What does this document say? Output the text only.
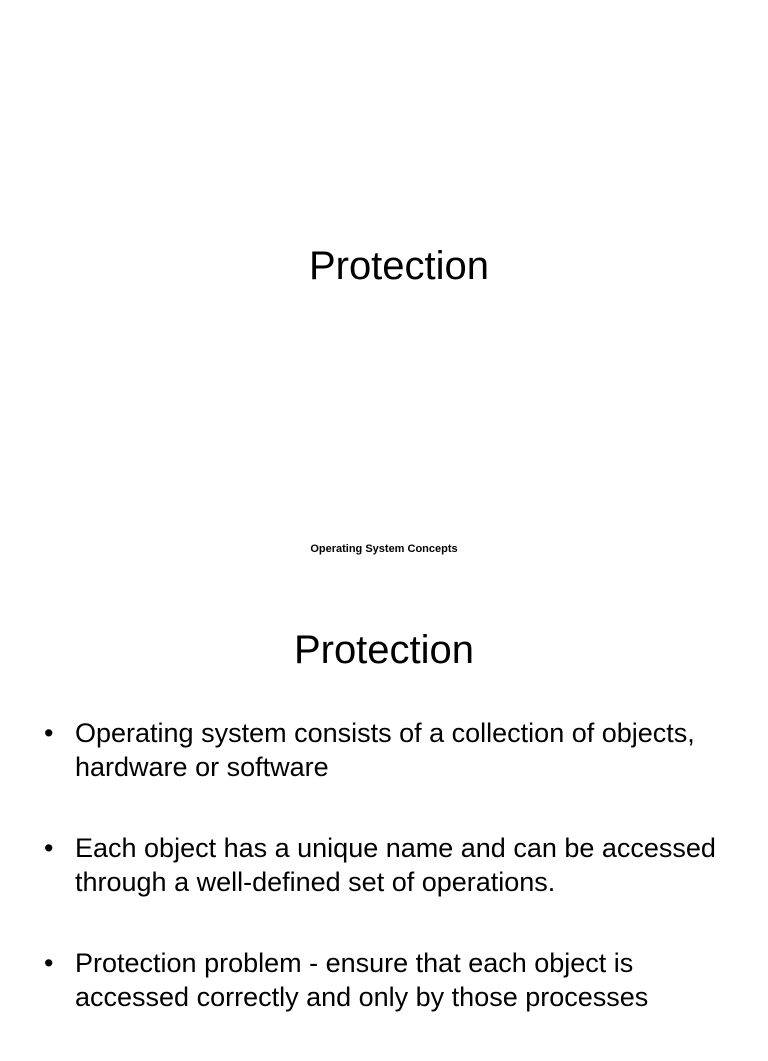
Protection
Operating System Concepts
Protection
• Operating system consists of a collection of objects, hardware or software
• Each object has a unique name and can be accessed through a well-defined set of operations.
• Protection problem - ensure that each object is accessed correctly and only by those processes
